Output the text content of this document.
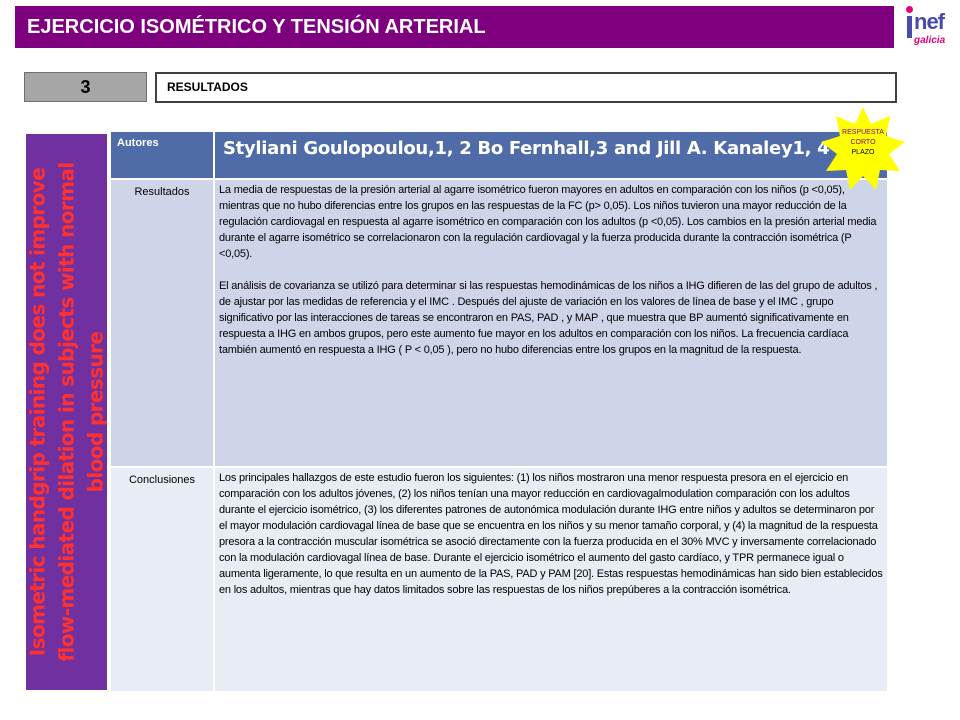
EJERCICIO ISOMÉTRICO Y TENSIÓN ARTERIAL	nef
galicia
3	RESULTADOS
Isometric handgrip training does not improve flow-mediated dilation in subjects with normal blood pressure
Autores	Styliani Goulopoulou,1, 2 Bo Fernhall,3 and Jill A. Kanaley1, 4
Resultados	La media de respuestas de la presión arterial al agarre isométrico fueron mayores en adultos en comparación con los niños (p <0,05), mientras que no hubo diferencias entre los grupos en las respuestas de la FC (p> 0,05). Los niños tuvieron una mayor reducción de la regulación cardiovagal en respuesta al agarre isométrico en comparación con los adultos (p <0,05). Los cambios en la presión arterial media durante el agarre isométrico se correlacionaron con la regulación cardiovagal y la fuerza producida durante la contracción isométrica (P <0,05).

El análisis de covarianza se utilizó para determinar si las respuestas hemodinámicas de los niños a IHG difieren de las del grupo de adultos , de ajustar por las medidas de referencia y el IMC . Después del ajuste de variación en los valores de línea de base y el IMC , grupo significativo por las interacciones de tareas se encontraron en PAS, PAD , y MAP , que muestra que BP aumentó significativamente en respuesta a IHG en ambos grupos, pero este aumento fue mayor en los adultos en comparación con los niños. La frecuencia cardíaca también aumentó en respuesta a IHG ( P < 0,05 ), pero no hubo diferencias entre los grupos en la magnitud de la respuesta.

Conclusiones	Los principales hallazgos de este estudio fueron los siguientes: (1) los niños mostraron una menor respuesta presora en el ejercicio en comparación con los adultos jóvenes, (2) los niños tenían una mayor reducción en cardiovagalmodulation comparación con los adultos durante el ejercicio isométrico, (3) los diferentes patrones de autonómica modulación durante IHG entre niños y adultos se determinaron por el mayor modulación cardiovagal línea de base que se encuentra en los niños y su menor tamaño corporal, y (4) la magnitud de la respuesta presora a la contracción muscular isométrica se asoció directamente con la fuerza producida en el 30% MVC y inversamente correlacionado con la modulación cardiovagal línea de base. Durante el ejercicio isométrico el aumento del gasto cardíaco, y TPR permanece igual o aumenta ligeramente, lo que resulta en un aumento de la PAS, PAD y PAM [20]. Estas respuestas hemodinámicas han sido bien establecidos en los adultos, mientras que hay datos limitados sobre las respuestas de los niños prepúberes a la contracción isométrica.
RESPUESTA
CORTO
PLAZO
